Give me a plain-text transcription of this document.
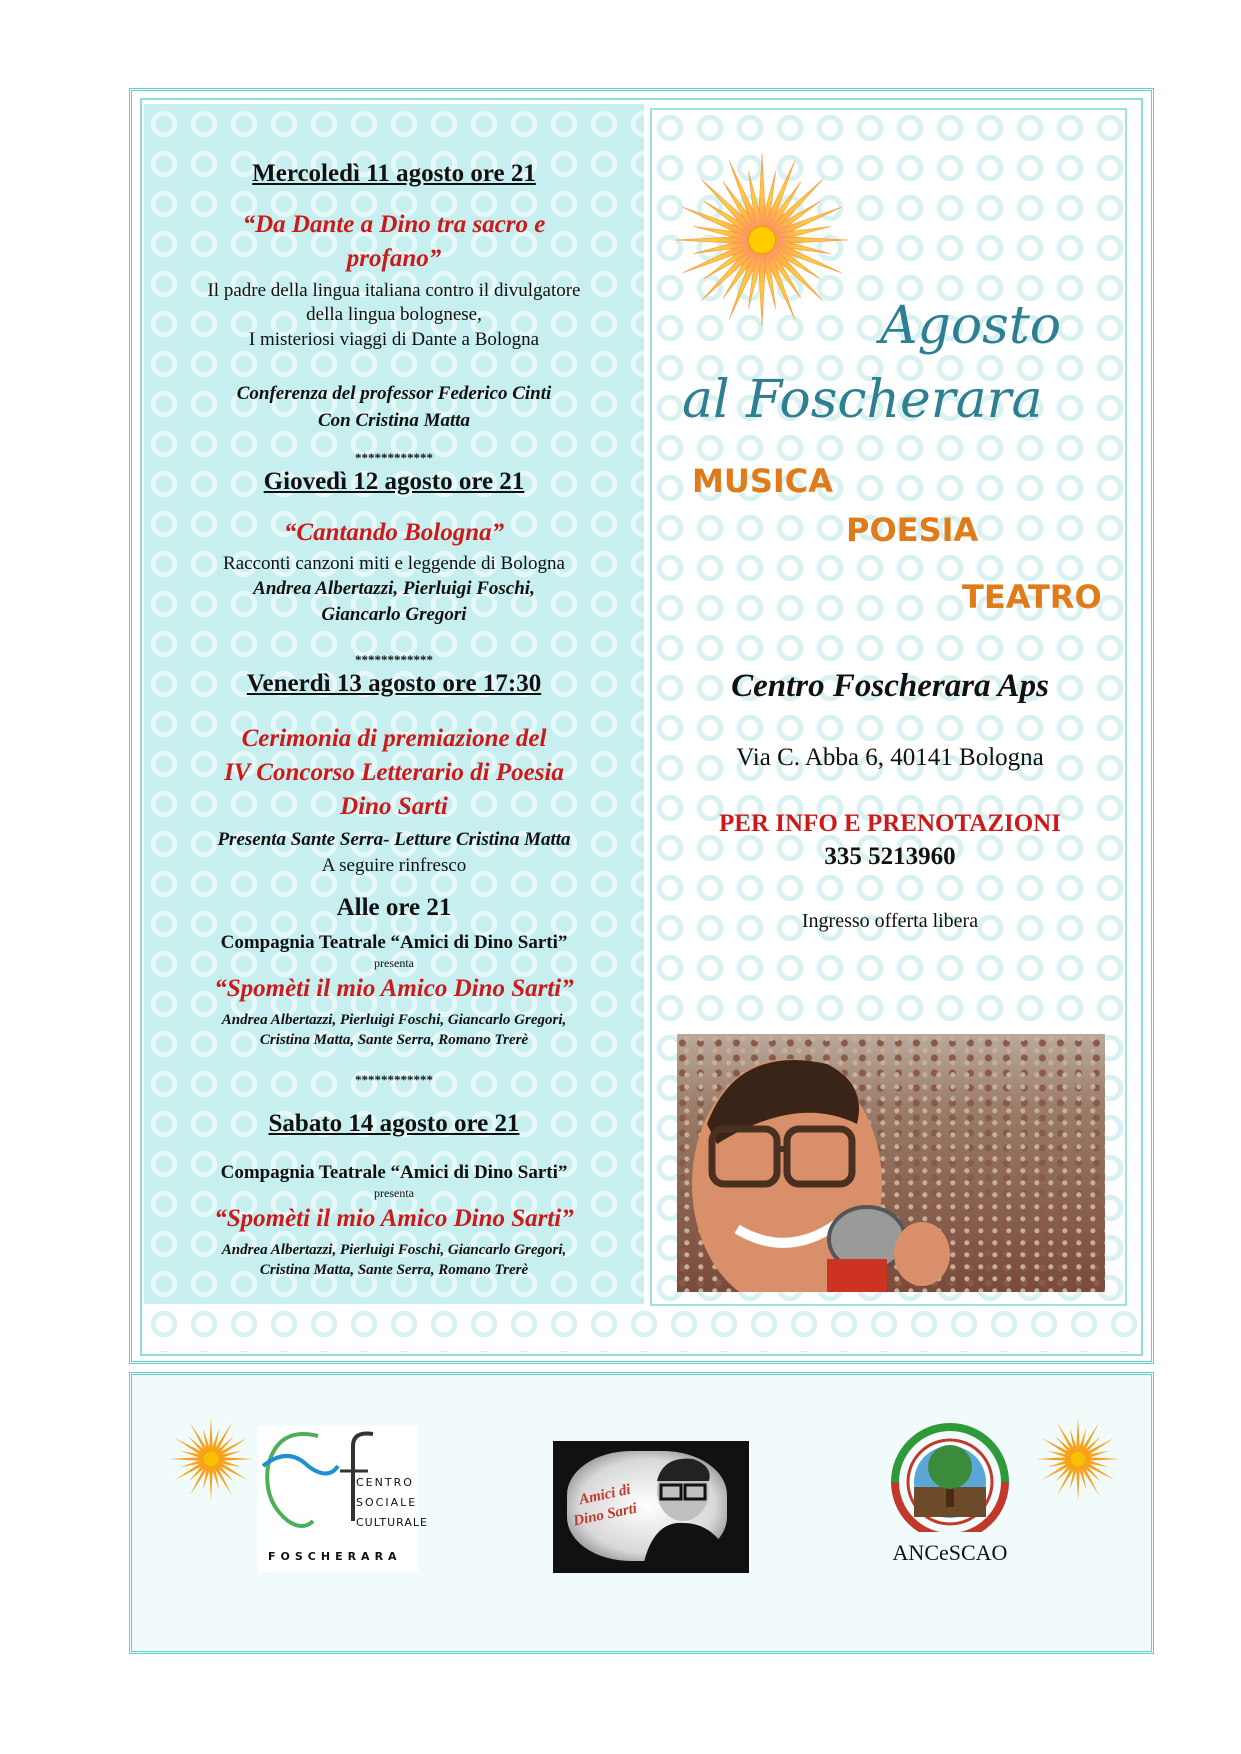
Mercoledì 11 agosto ore 21
“Da Dante a Dino tra sacro e
profano”
Il padre della lingua italiana contro il divulgatore
della lingua bolognese,
I misteriosi viaggi di Dante a Bologna
Conferenza del professor Federico Cinti
Con Cristina Matta
************
Giovedì 12 agosto ore 21
“Cantando Bologna”
Racconti canzoni miti e leggende di Bologna
Andrea Albertazzi, Pierluigi Foschi,
Giancarlo Gregori
************
Venerdì 13 agosto ore 17:30
Cerimonia di premiazione del
IV Concorso Letterario di Poesia
Dino Sarti
Presenta Sante Serra- Letture Cristina Matta
A seguire rinfresco
Alle ore 21
Compagnia Teatrale “Amici di Dino Sarti”
presenta
“Spomèti il mio Amico Dino Sarti”
Andrea Albertazzi, Pierluigi Foschi, Giancarlo Gregori,
Cristina Matta, Sante Serra, Romano Trerè
************
Sabato 14 agosto ore 21
Compagnia Teatrale “Amici di Dino Sarti”
presenta
“Spomèti il mio Amico Dino Sarti”
Andrea Albertazzi, Pierluigi Foschi, Giancarlo Gregori,
Cristina Matta, Sante Serra, Romano Trerè
Agosto
al Foscherara
MUSICA
POESIA
TEATRO
Centro Foscherara Aps
Via C. Abba 6, 40141 Bologna
PER INFO E PRENOTAZIONI
335 5213960
Ingresso offerta libera
CENTRO
SOCIALE
CULTURALE
FOSCHERARA
Amici di
Dino Sarti
ANCeSCAO
